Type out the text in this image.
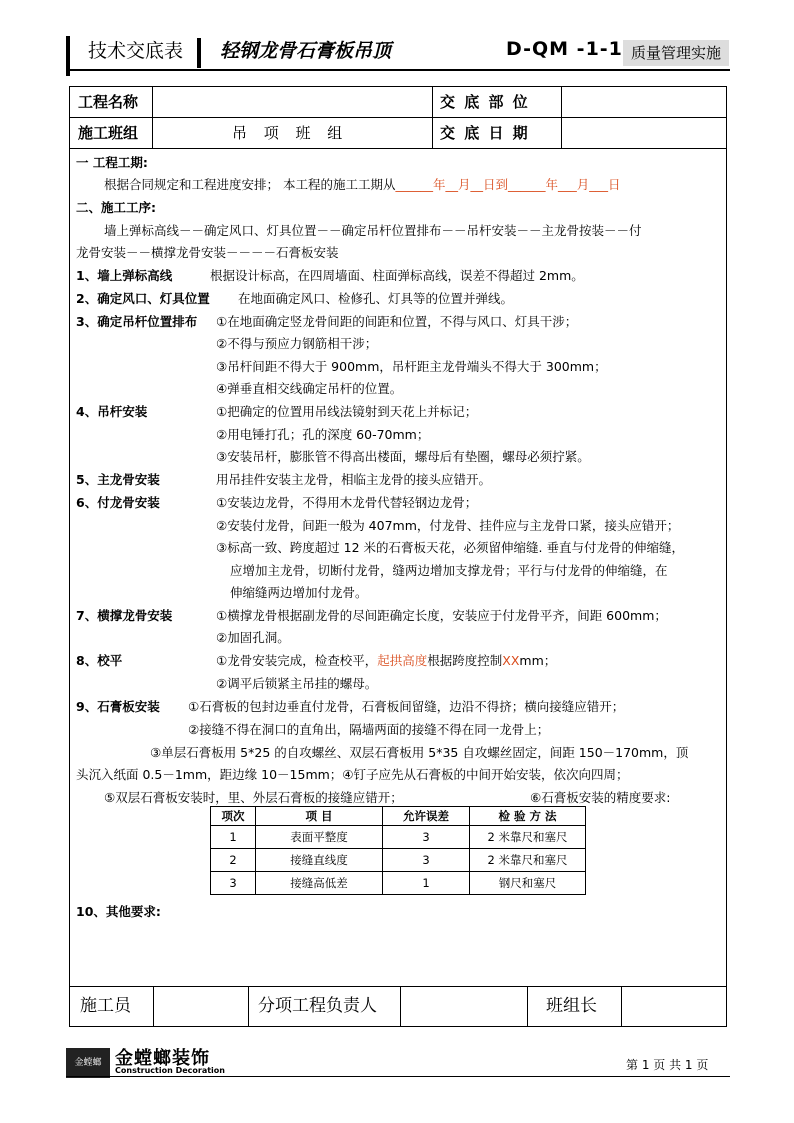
技术交底表 轻钢龙骨石膏板吊顶	D-QM -1-1 质量管理实施
工程名称	交 底 部 位
施工班组	吊 项 班 组	交 底 日 期
一 工程工期:
根据合同规定和工程进度安排； 本工程的施工工期从______年__月__日到______年___月___日
二、施工工序:
墙上弹标高线－－确定风口、灯具位置－－确定吊杆位置排布－－吊杆安装－－主龙骨按装－－付
龙骨安装－－横撑龙骨安装－－－－石膏板安装
1、墙上弹标高线	根据设计标高，在四周墙面、柱面弹标高线，误差不得超过 2mm。
2、确定风口、灯具位置 在地面确定风口、检修孔、灯具等的位置并弹线。
3、确定吊杆位置排布 ①在地面确定竖龙骨间距的间距和位置，不得与风口、灯具干涉；
②不得与预应力钢筋相干涉；
③吊杆间距不得大于 900mm，吊杆距主龙骨端头不得大于 300mm；
④弹垂直相交线确定吊杆的位置。
4、吊杆安装	①把确定的位置用吊线法镜射到天花上并标记；
②用电锤打孔；孔的深度 60-70mm；
③安装吊杆，膨胀管不得高出楼面，螺母后有垫圈，螺母必须拧紧。
5、主龙骨安装	用吊挂件安装主龙骨，相临主龙骨的接头应错开。
6、付龙骨安装	①安装边龙骨，不得用木龙骨代替轻钢边龙骨；
②安装付龙骨，间距一般为 407mm，付龙骨、挂件应与主龙骨口紧，接头应错开；
③标高一致、跨度超过 12 米的石膏板天花，必须留伸缩缝. 垂直与付龙骨的伸缩缝，
应增加主龙骨，切断付龙骨，缝两边增加支撑龙骨；平行与付龙骨的伸缩缝，在
伸缩缝两边增加付龙骨。
7、横撑龙骨安装	①横撑龙骨根据副龙骨的尽间距确定长度，安装应于付龙骨平齐，间距 600mm；
②加固孔洞。
8、校平	①龙骨安装完成，检查校平，起拱高度根据跨度控制XXmm；
②调平后锁紧主吊挂的螺母。
9、石膏板安装 ①石膏板的包封边垂直付龙骨，石膏板间留缝，边沿不得挤；横向接缝应错开；
②接缝不得在洞口的直角出，隔墙两面的接缝不得在同一龙骨上；
③单层石膏板用 5*25 的自攻螺丝、双层石膏板用 5*35 自攻螺丝固定，间距 150－170mm，顶
头沉入纸面 0.5－1mm，距边缘 10－15mm；④钉子应先从石膏板的中间开始安装，依次向四周；
⑤双层石膏板安装时，里、外层石膏板的接缝应错开；	⑥石膏板安装的精度要求:
项次	项 目	允许误差	检 验 方 法
1	表面平整度	3	2 米靠尺和塞尺
2	接缝直线度	3	2 米靠尺和塞尺
3	接缝高低差	1	钢尺和塞尺
10、其他要求:
施工员	分项工程负责人	班组长
金螳螂 金螳螂装饰
Construction Decoration	第 1 页 共 1 页
